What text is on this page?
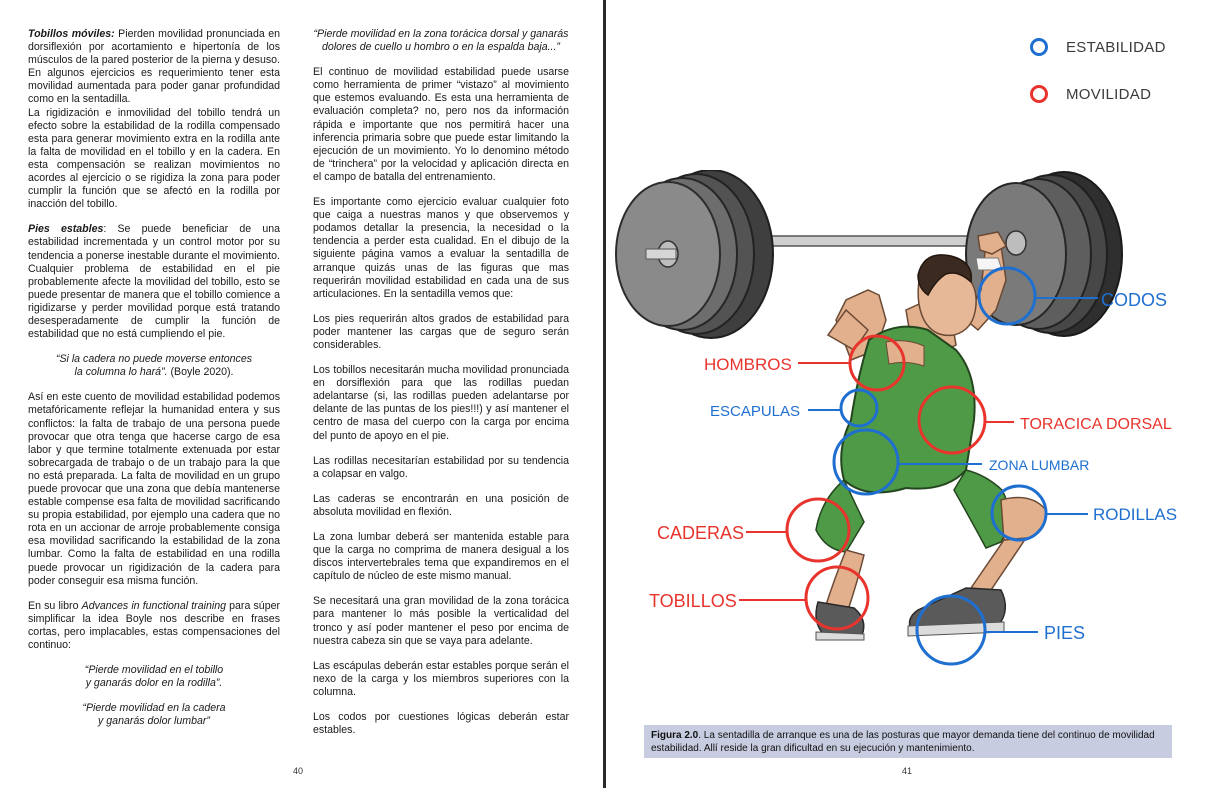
Tobillos móviles: Pierden movilidad pronunciada en dorsiflexión por acortamiento e hipertonía de los músculos de la pared posterior de la pierna y desuso. En algunos ejercicios es requerimiento tener esta movilidad aumentada para poder ganar profundidad como en la sentadilla.

La rigidización e inmovilidad del tobillo tendrá un efecto sobre la estabilidad de la rodilla compensado esta para generar movimiento extra en la rodilla ante la falta de movilidad en el tobillo y en la cadera. En esta compensación se realizan movimientos no acordes al ejercicio o se rigidiza la zona para poder cumplir la función que se afectó en la rodilla por inacción del tobillo.

Pies estables: Se puede beneficiar de una estabilidad incrementada y un control motor por su tendencia a ponerse inestable durante el movimiento. Cualquier problema de estabilidad en el pie probablemente afecte la movilidad del tobillo, esto se puede presentar de manera que el tobillo comience a rigidizarse y perder movilidad porque está tratando desesperadamente de cumplir la función de estabilidad que no está cumpliendo el pie.

“Si la cadera no puede moverse entonces
la columna lo hará”. (Boyle 2020).

Así en este cuento de movilidad estabilidad podemos metafóricamente reflejar la humanidad entera y sus conflictos: la falta de trabajo de una persona puede provocar que otra tenga que hacerse cargo de esa labor y que termine totalmente extenuada por estar sobrecargada de trabajo o de un trabajo para la que no está preparada. La falta de movilidad en un grupo puede provocar que una zona que debía mantenerse estable compense esa falta de movilidad sacrificando su propia estabilidad, por ejemplo una cadera que no rota en un accionar de arroje probablemente consiga esa movilidad sacrificando la estabilidad de la zona lumbar. Como la falta de estabilidad en una rodilla puede provocar un rigidización de la cadera para poder conseguir esa misma función.

En su libro Advances in functional training para súper simplificar la idea Boyle nos describe en frases cortas, pero implacables, estas compensaciones del continuo:

“Pierde movilidad en el tobillo
y ganarás dolor en la rodilla”.
“Pierde movilidad en la cadera
y ganarás dolor lumbar”
“Pierde movilidad en la zona torácica dorsal y ganarás
dolores de cuello u hombro o en la espalda baja...”

El continuo de movilidad estabilidad puede usarse como herramienta de primer “vistazo” al movimiento que estemos evaluando. Es esta una herramienta de evaluación completa? no, pero nos da información rápida e importante que nos permitirá hacer una inferencia primaria sobre que puede estar limitando la ejecución de un movimiento. Yo lo denomino método de “trinchera” por la velocidad y aplicación directa en el campo de batalla del entrenamiento.

Es importante como ejercicio evaluar cualquier foto que caiga a nuestras manos y que observemos y podamos detallar la presencia, la necesidad o la tendencia a perder esta cualidad. En el dibujo de la siguiente página vamos a evaluar la sentadilla de arranque quizás unas de las figuras que mas requerirán movilidad estabilidad en cada una de sus articulaciones. En la sentadilla vemos que:

Los pies requerirán altos grados de estabilidad para poder mantener las cargas que de seguro serán considerables.

Los tobillos necesitarán mucha movilidad pronunciada en dorsiflexión para que las rodillas puedan adelantarse (si, las rodillas pueden adelantarse por delante de las puntas de los pies!!!) y así mantener el centro de masa del cuerpo con la carga por encima del punto de apoyo en el pie.

Las rodillas necesitarían estabilidad por su tendencia a colapsar en valgo.

Las caderas se encontrarán en una posición de absoluta movilidad en flexión.

La zona lumbar deberá ser mantenida estable para que la carga no comprima de manera desigual a los discos intervertebrales tema que expandiremos en el capítulo de núcleo de este mismo manual.

Se necesitará una gran movilidad de la zona torácica para mantener lo más posible la verticalidad del tronco y así poder mantener el peso por encima de nuestra cabeza sin que se vaya para adelante.

Las escápulas deberán estar estables porque serán el nexo de la carga y los miembros superiores con la columna.

Los codos por cuestiones lógicas deberán estar estables.

40
ESTABILIDAD
MOVILIDAD
CODOS
HOMBROS
ESCAPULAS
TORACICA DORSAL
ZONA LUMBAR
RODILLAS
CADERAS
TOBILLOS
PIES
Figura 2.0. La sentadilla de arranque es una de las posturas que mayor demanda tiene del continuo de movilidad estabilidad. Allí reside la gran dificultad en su ejecución y mantenimiento.
41
